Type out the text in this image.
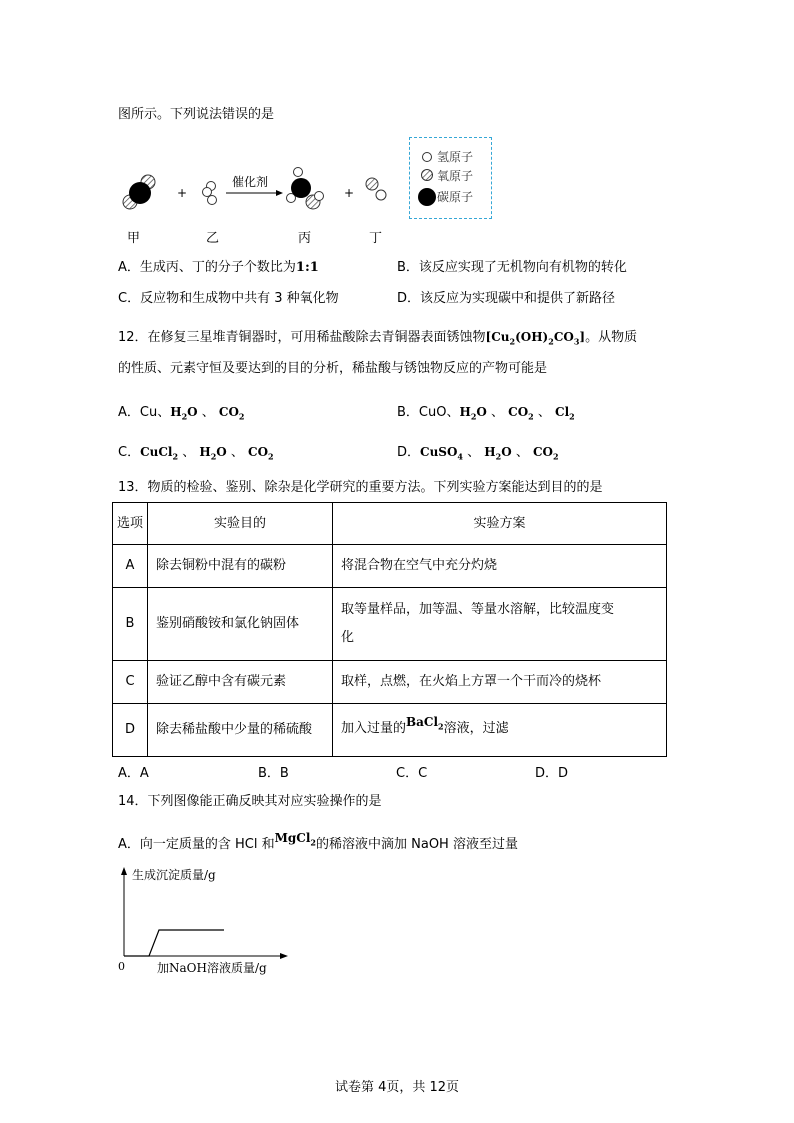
图所示。下列说法错误的是
+
催化剂
+
甲	乙	丙	丁
氢原子
氧原子
碳原子
A．生成丙、丁的分子个数比为1:1	B．该反应实现了无机物向有机物的转化
C．反应物和生成物中共有 3 种氧化物	D．该反应为实现碳中和提供了新路径
12．在修复三星堆青铜器时，可用稀盐酸除去青铜器表面锈蚀物$[Cu_2(OH)_2CO_3]$。从物质
的性质、元素守恒及要达到的目的分析，稀盐酸与锈蚀物反应的产物可能是
A．Cu、$H_2O$ 、 $CO_2$	B．CuO、$H_2O$ 、 $CO_2$ 、 $Cl_2$
C．CuCl$_2$ 、 $H_2O$ 、 $CO_2$	D．CuSO$_4$ 、 $H_2O$ 、 $CO_2$
13．物质的检验、鉴别、除杂是化学研究的重要方法。下列实验方案能达到目的的是
选项	实验目的	实验方案
A	除去铜粉中混有的碳粉	将混合物在空气中充分灼烧
B	鉴别硝酸铵和氯化钠固体	取等量样品，加等温、等量水溶解，比较温度变
化
C	验证乙醇中含有碳元素	取样，点燃，在火焰上方罩一个干而冷的烧杯
D	除去稀盐酸中少量的稀硫酸	加入过量的BaCl$_2$溶液，过滤
A．A	B．B	C．C	D．D
14．下列图像能正确反映其对应实验操作的是
A．向一定质量的含 HCl 和MgCl$_2$的稀溶液中滴加 NaOH 溶液至过量
生成沉淀质量/g
0	加NaOH溶液质量/g
试卷第 4页，共 12页
